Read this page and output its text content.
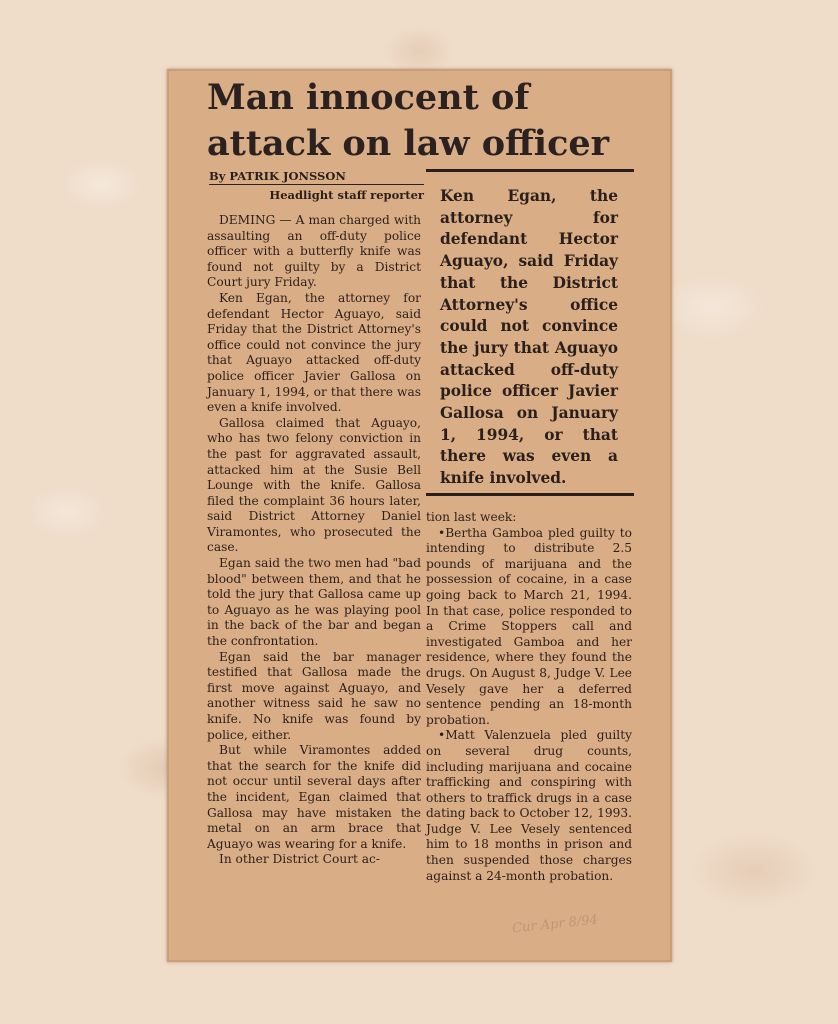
Man innocent of attack on law officer
By PATRIK JONSSON
Headlight staff reporter Ken Egan, the attorney for defendant Hector Aguayo, said Friday that the District Attorney's office could not convince the jury that Aguayo attacked off-duty police officer Javier Gallosa on January 1, 1994, or that there was even a knife involved.

DEMING — A man charged with assaulting an off-duty police officer with a butterfly knife was found not guilty by a District Court jury Friday.

Ken Egan, the attorney for defendant Hector Aguayo, said Friday that the District Attorney's office could not convince the jury that Aguayo attacked off-duty police officer Javier Gallosa on January 1, 1994, or that there was even a knife involved.

Gallosa claimed that Aguayo, who has two felony conviction in the past for aggravated assault, attacked him at the Susie Bell Lounge with the knife. Gallosa filed the complaint 36 hours later, said District Attorney Daniel Viramontes, who prosecuted the case.

Egan said the two men had "bad blood" between them, and that he told the jury that Gallosa came up to Aguayo as he was playing pool in the back of the bar and began the confrontation.

Egan said the bar manager testified that Gallosa made the first move against Aguayo, and another witness said he saw no knife. No knife was found by police, either.

But while Viramontes added that the search for the knife did not occur until several days after the incident, Egan claimed that Gallosa may have mistaken the metal on an arm brace that Aguayo was wearing for a knife.

In other District Court ac-

tion last week:

•Bertha Gamboa pled guilty to intending to distribute 2.5 pounds of marijuana and the possession of cocaine, in a case going back to March 21, 1994. In that case, police responded to a Crime Stoppers call and investigated Gamboa and her residence, where they found the drugs. On August 8, Judge V. Lee Vesely gave her a deferred sentence pending an 18-month probation.

•Matt Valenzuela pled guilty on several drug counts, including marijuana and cocaine trafficking and conspiring with others to traffick drugs in a case dating back to October 12, 1993. Judge V. Lee Vesely sentenced him to 18 months in prison and then suspended those charges against a 24-month probation.

Cur Apr 8/94
